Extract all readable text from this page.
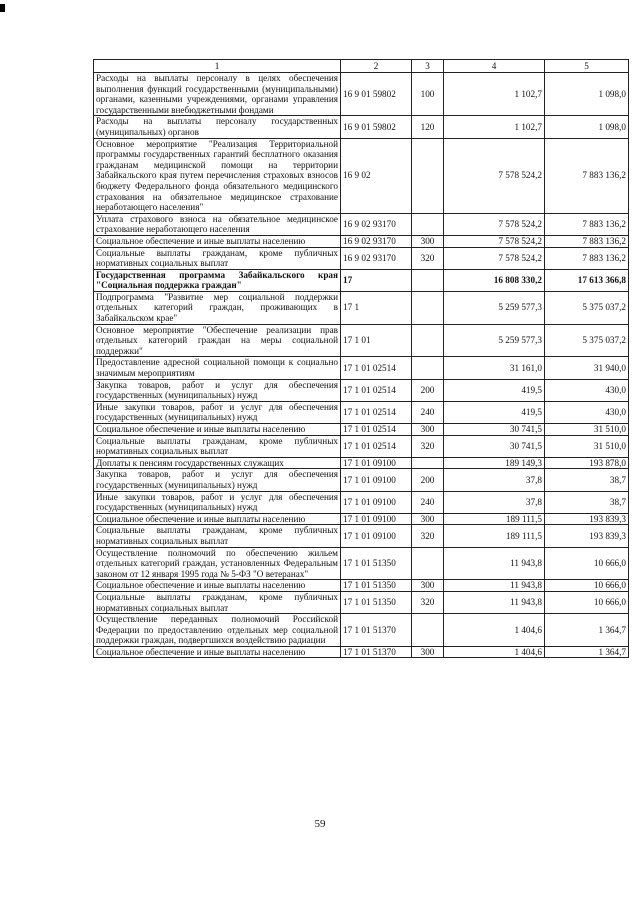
1	2	3	4	5
Расходы на выплаты персоналу в целях обеспечения выполнения функций государственными (муниципальными) органами, казенными учреждениями, органами управления государственными внебюджетными фондами	16 9 01 59802	100	1 102,7	1 098,0
Расходы на выплаты персоналу государственных (муниципальных) органов	16 9 01 59802	120	1 102,7	1 098,0
Основное мероприятие "Реализация Территориальной программы государственных гарантий бесплатного оказания гражданам медицинской помощи на территории Забайкальского края путем перечисления страховых взносов бюджету Федерального фонда обязательного медицинского страхования на обязательное медицинское страхование неработающего населения"	16 9 02		7 578 524,2	7 883 136,2
Уплата страхового взноса на обязательное медицинское страхование неработающего населения	16 9 02 93170		7 578 524,2	7 883 136,2
Социальное обеспечение и иные выплаты населению	16 9 02 93170	300	7 578 524,2	7 883 136,2
Социальные выплаты гражданам, кроме публичных нормативных социальных выплат	16 9 02 93170	320	7 578 524,2	7 883 136,2
Государственная программа Забайкальского края "Социальная поддержка граждан"	17		16 808 330,2	17 613 366,8
Подпрограмма "Развитие мер социальной поддержки отдельных категорий граждан, проживающих в Забайкальском крае"	17 1		5 259 577,3	5 375 037,2
Основное мероприятие "Обеспечение реализации прав отдельных категорий граждан на меры социальной поддержки"	17 1 01		5 259 577,3	5 375 037,2
Предоставление адресной социальной помощи к социально значимым мероприятиям	17 1 01 02514		31 161,0	31 940,0
Закупка товаров, работ и услуг для обеспечения государственных (муниципальных) нужд	17 1 01 02514	200	419,5	430,0
Иные закупки товаров, работ и услуг для обеспечения государственных (муниципальных) нужд	17 1 01 02514	240	419,5	430,0
Социальное обеспечение и иные выплаты населению	17 1 01 02514	300	30 741,5	31 510,0
Социальные выплаты гражданам, кроме публичных нормативных социальных выплат	17 1 01 02514	320	30 741,5	31 510,0
Доплаты к пенсиям государственных служащих	17 1 01 09100		189 149,3	193 878,0
Закупка товаров, работ и услуг для обеспечения государственных (муниципальных) нужд	17 1 01 09100	200	37,8	38,7
Иные закупки товаров, работ и услуг для обеспечения государственных (муниципальных) нужд	17 1 01 09100	240	37,8	38,7
Социальное обеспечение и иные выплаты населению	17 1 01 09100	300	189 111,5	193 839,3
Социальные выплаты гражданам, кроме публичных нормативных социальных выплат	17 1 01 09100	320	189 111,5	193 839,3
Осуществление полномочий по обеспечению жильем отдельных категорий граждан, установленных Федеральным законом от 12 января 1995 года № 5-ФЗ "О ветеранах"	17 1 01 51350		11 943,8	10 666,0
Социальное обеспечение и иные выплаты населению	17 1 01 51350	300	11 943,8	10 666,0
Социальные выплаты гражданам, кроме публичных нормативных социальных выплат	17 1 01 51350	320	11 943,8	10 666,0
Осуществление переданных полномочий Российской Федерации по предоставлению отдельных мер социальной поддержки граждан, подвергшихся воздействию радиации	17 1 01 51370		1 404,6	1 364,7
Социальное обеспечение и иные выплаты населению	17 1 01 51370	300	1 404,6	1 364,7
59
